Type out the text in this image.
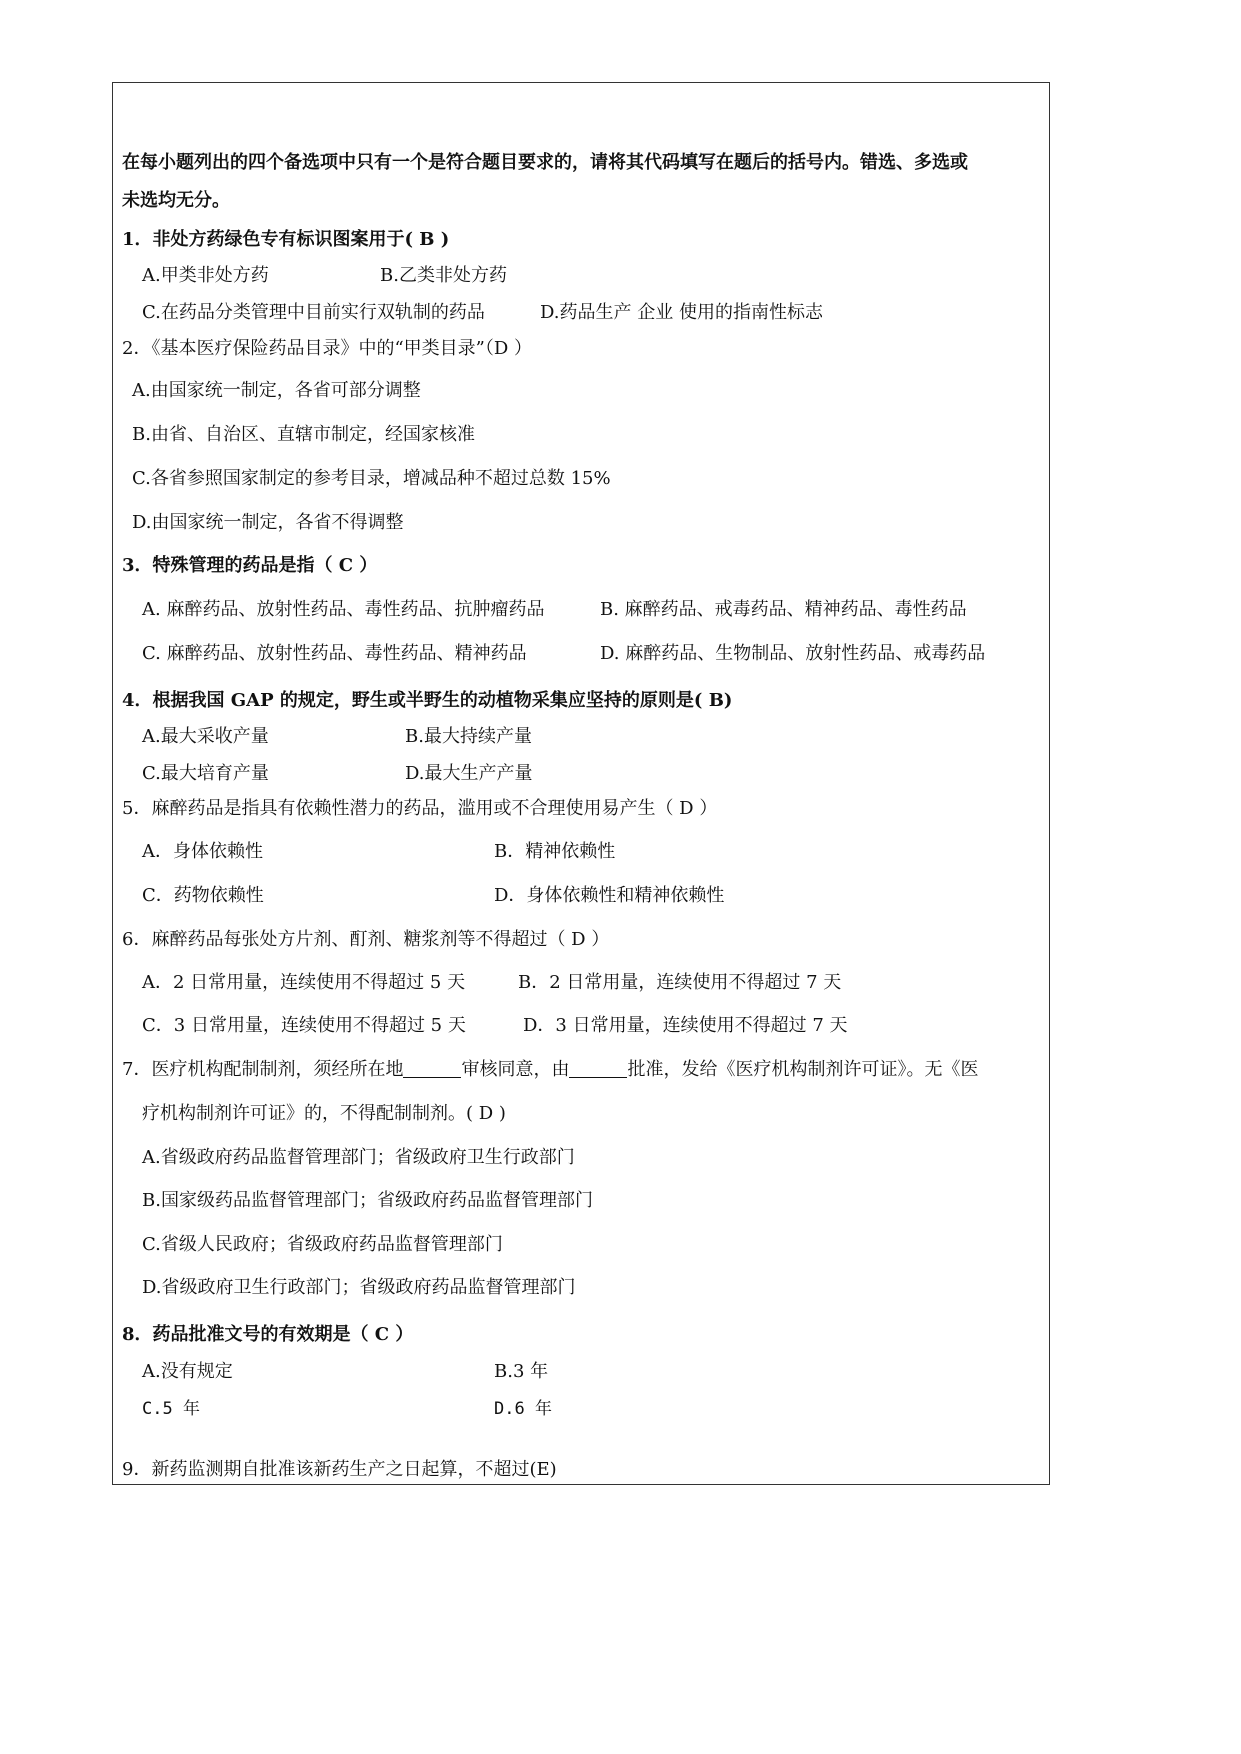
在每小题列出的四个备选项中只有一个是符合题目要求的，请将其代码填写在题后的括号内。错选、多选或
未选均无分。
1．非处方药绿色专有标识图案用于( B )
A.甲类非处方药	B.乙类非处方药
C.在药品分类管理中目前实行双轨制的药品	D.药品生产 企业 使用的指南性标志
2．《基本医疗保险药品目录》中的“甲类目录”（D ）
A.由国家统一制定，各省可部分调整
B.由省、自治区、直辖市制定，经国家核准
C.各省参照国家制定的参考目录，增减品种不超过总数 15%
D.由国家统一制定，各省不得调整
3．特殊管理的药品是指（ C ）
A. 麻醉药品、放射性药品、毒性药品、抗肿瘤药品	B. 麻醉药品、戒毒药品、精神药品、毒性药品
C. 麻醉药品、放射性药品、毒性药品、精神药品	D. 麻醉药品、生物制品、放射性药品、戒毒药品
4．根据我国 GAP 的规定，野生或半野生的动植物采集应坚持的原则是( B)
A.最大采收产量	B.最大持续产量
C.最大培育产量	D.最大生产产量
5．麻醉药品是指具有依赖性潜力的药品，滥用或不合理使用易产生（ D ）
A．身体依赖性	B．精神依赖性
C．药物依赖性	D．身体依赖性和精神依赖性
6．麻醉药品每张处方片剂、酊剂、糖浆剂等不得超过（ D ）
A．2 日常用量，连续使用不得超过 5 天	B．2 日常用量，连续使用不得超过 7 天
C．3 日常用量，连续使用不得超过 5 天	D．3 日常用量，连续使用不得超过 7 天
7．医疗机构配制制剂，须经所在地	审核同意，由	批准，发给《医疗机构制剂许可证》。无《医
疗机构制剂许可证》的，不得配制制剂。( D )
A.省级政府药品监督管理部门；省级政府卫生行政部门
B.国家级药品监督管理部门；省级政府药品监督管理部门
C.省级人民政府；省级政府药品监督管理部门
D.省级政府卫生行政部门；省级政府药品监督管理部门
8．药品批准文号的有效期是（ C ）
A.没有规定	B.3 年
C.5 年	D.6 年
9．新药监测期自批准该新药生产之日起算，不超过(E)
